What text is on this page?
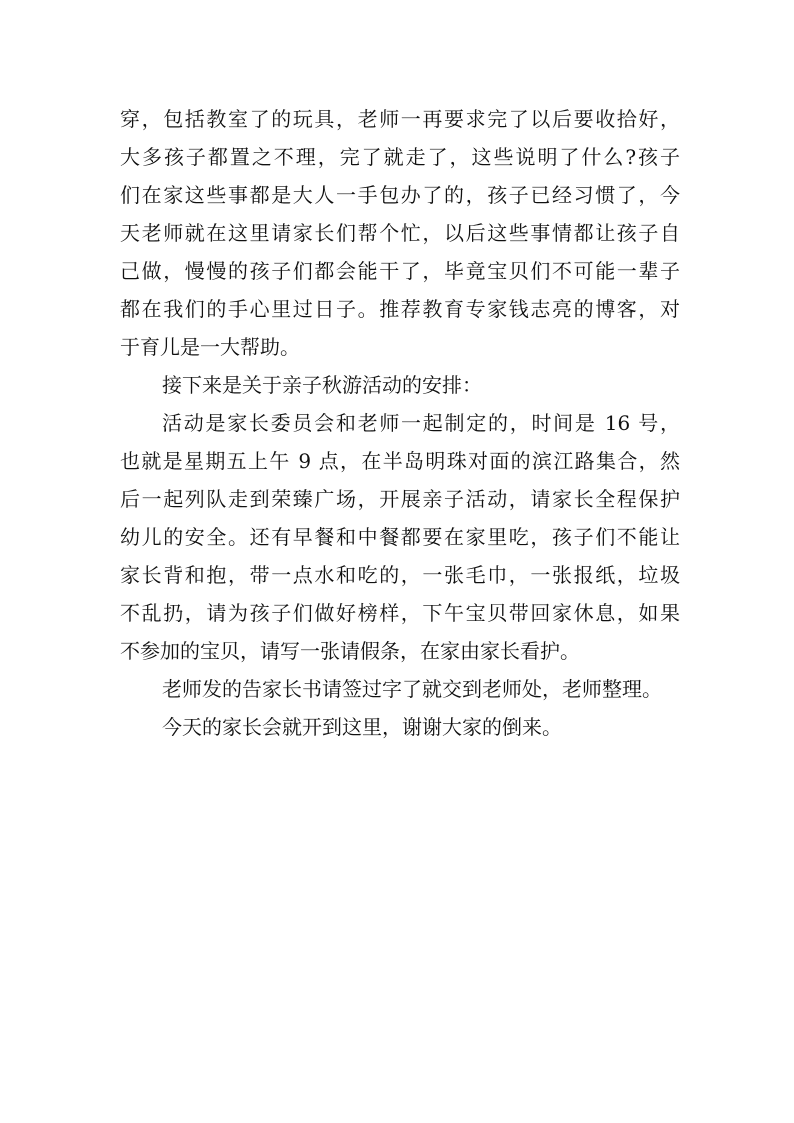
穿，包括教室了的玩具，老师一再要求完了以后要收拾好，
大多孩子都置之不理，完了就走了，这些说明了什么?孩子
们在家这些事都是大人一手包办了的，孩子已经习惯了，今
天老师就在这里请家长们帮个忙，以后这些事情都让孩子自
己做，慢慢的孩子们都会能干了，毕竟宝贝们不可能一辈子
都在我们的手心里过日子。推荐教育专家钱志亮的博客，对
于育儿是一大帮助。
接下来是关于亲子秋游活动的安排：
活动是家长委员会和老师一起制定的，时间是 16 号，
也就是星期五上午 9 点，在半岛明珠对面的滨江路集合，然
后一起列队走到荣臻广场，开展亲子活动，请家长全程保护
幼儿的安全。还有早餐和中餐都要在家里吃，孩子们不能让
家长背和抱，带一点水和吃的，一张毛巾，一张报纸，垃圾
不乱扔，请为孩子们做好榜样，下午宝贝带回家休息，如果
不参加的宝贝，请写一张请假条，在家由家长看护。
老师发的告家长书请签过字了就交到老师处，老师整理。
今天的家长会就开到这里，谢谢大家的倒来。
